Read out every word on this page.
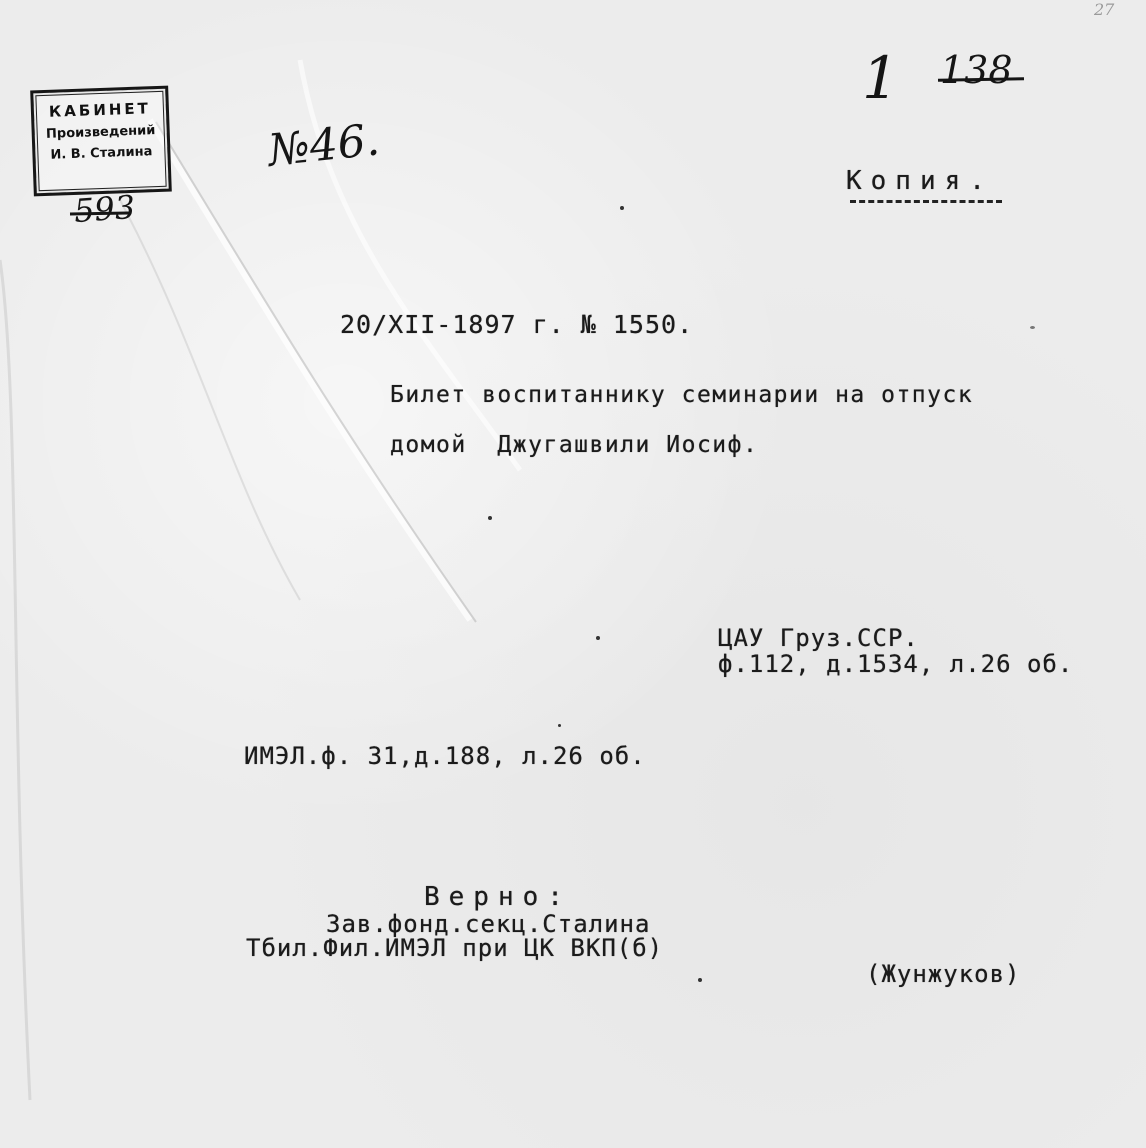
КАБИНЕТ
Произведений
И. В. Сталина
593
№46.
1 138
27
Копия.
20/XII-1897 г. № 1550.
Билет воспитаннику семинарии на отпуск
домой  Джугашвили Иосиф.
ЦАУ Груз.ССР.
ф.112, д.1534, л.26 об.
ИМЭЛ.ф. 31,д.188, л.26 об.
Верно:
Зав.фонд.секц.Сталина
Тбил.Фил.ИМЭЛ при ЦК ВКП(б)
(Жунжуков)
